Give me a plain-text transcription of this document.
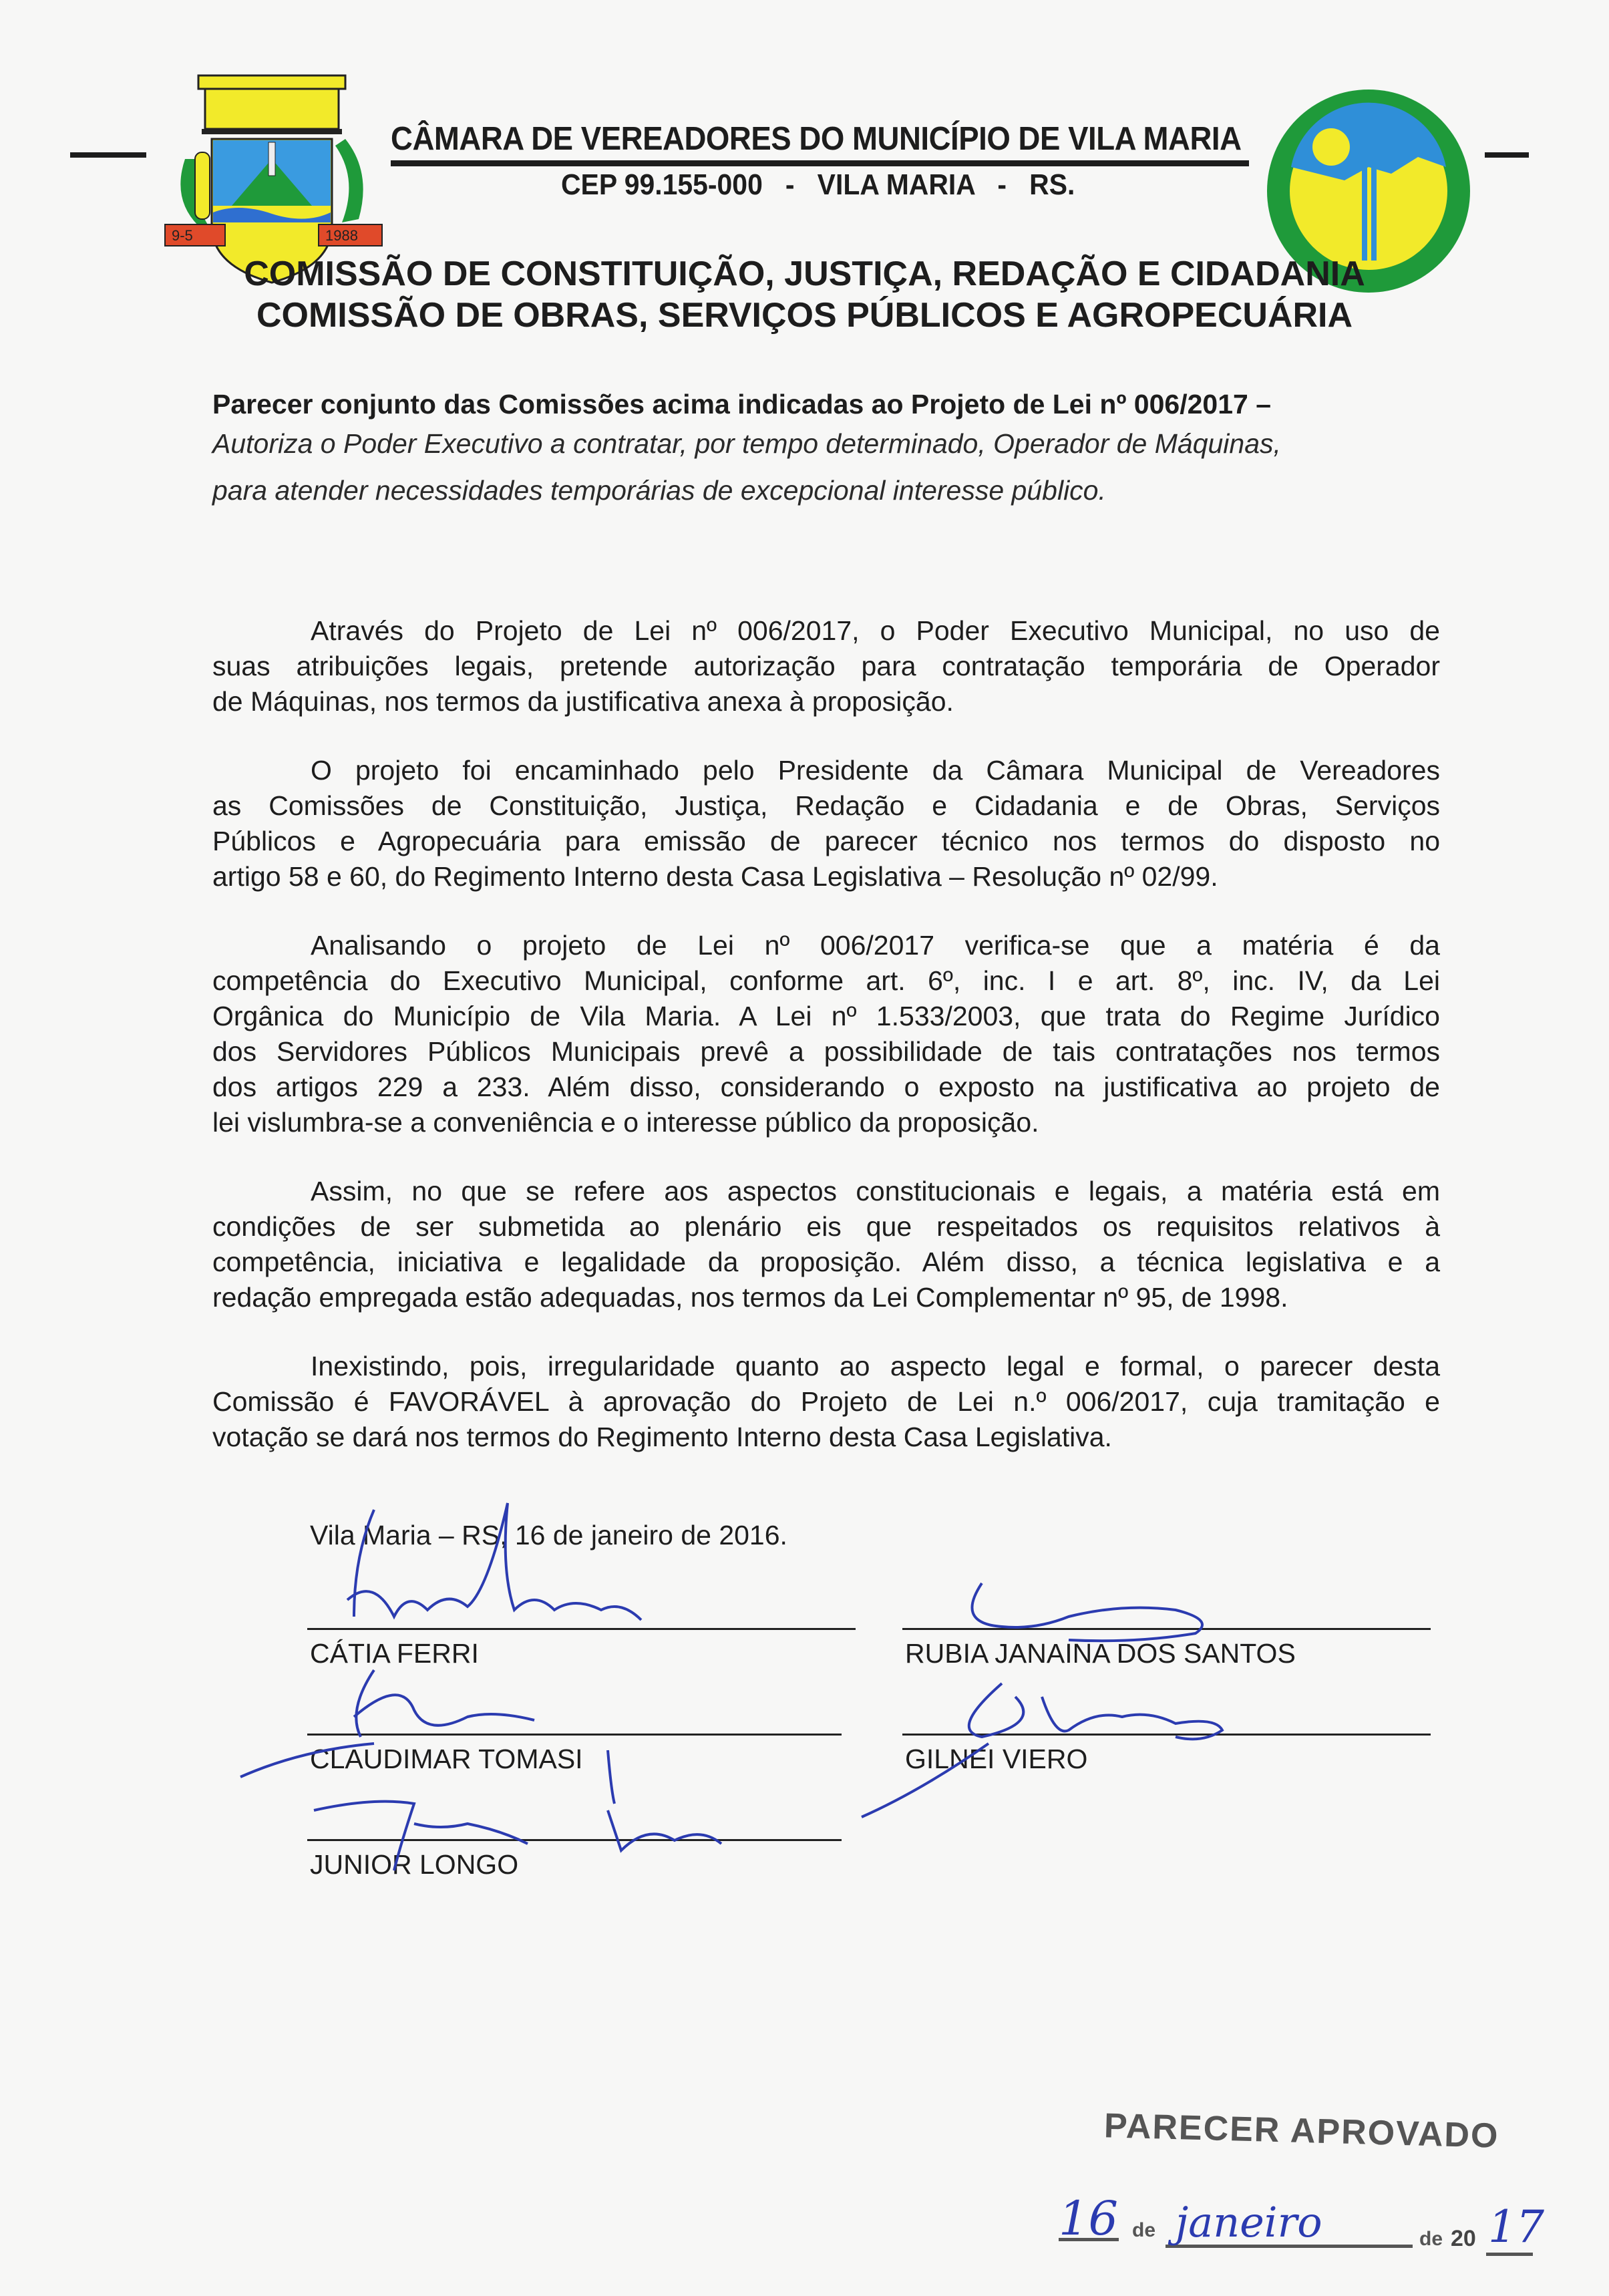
9-5	1988
CÂMARA DE VEREADORES DO MUNICÍPIO DE VILA MARIA
CEP 99.155-000   -   VILA MARIA   -   RS.
COMISSÃO DE CONSTITUIÇÃO, JUSTIÇA, REDAÇÃO E CIDADANIA
COMISSÃO DE OBRAS, SERVIÇOS PÚBLICOS E AGROPECUÁRIA
Parecer conjunto das Comissões acima indicadas ao Projeto de Lei nº 006/2017 –
Autoriza o Poder Executivo a contratar, por tempo determinado, Operador de Máquinas,
para atender necessidades temporárias de excepcional interesse público.
Através do Projeto de Lei nº 006/2017, o Poder Executivo Municipal, no uso de
suas atribuições legais, pretende autorização para contratação temporária de Operador
de Máquinas, nos termos da justificativa anexa à proposição.
O projeto foi encaminhado pelo Presidente da Câmara Municipal de Vereadores
as Comissões de Constituição, Justiça, Redação e Cidadania e de Obras, Serviços
Públicos e Agropecuária para emissão de parecer técnico nos termos do disposto no
artigo 58 e 60, do Regimento Interno desta Casa Legislativa – Resolução nº 02/99.
Analisando o projeto de Lei nº 006/2017 verifica-se que a matéria é da
competência do Executivo Municipal, conforme art. 6º, inc. I e art. 8º, inc. IV, da Lei
Orgânica do Município de Vila Maria. A Lei nº 1.533/2003, que trata do Regime Jurídico
dos Servidores Públicos Municipais prevê a possibilidade de tais contratações nos termos
dos artigos 229 a 233. Além disso, considerando o exposto na justificativa ao projeto de
lei vislumbra-se a conveniência e o interesse público da proposição.
Assim, no que se refere aos aspectos constitucionais e legais, a matéria está em
condições de ser submetida ao plenário eis que respeitados os requisitos relativos à
competência, iniciativa e legalidade da proposição. Além disso, a técnica legislativa e a
redação empregada estão adequadas, nos termos da Lei Complementar nº 95, de 1998.
Inexistindo, pois, irregularidade quanto ao aspecto legal e formal, o parecer desta
Comissão é FAVORÁVEL à aprovação do Projeto de Lei n.º 006/2017, cuja tramitação e
votação se dará nos termos do Regimento Interno desta Casa Legislativa.
Vila Maria – RS, 16 de janeiro de 2016.
CÁTIA FERRI
CLAUDIMAR TOMASI
JUNIOR LONGO
RUBIA JANAINA DOS SANTOS
GILNEI VIERO
PARECER APROVADO
16 de janeiro	de 20 17
